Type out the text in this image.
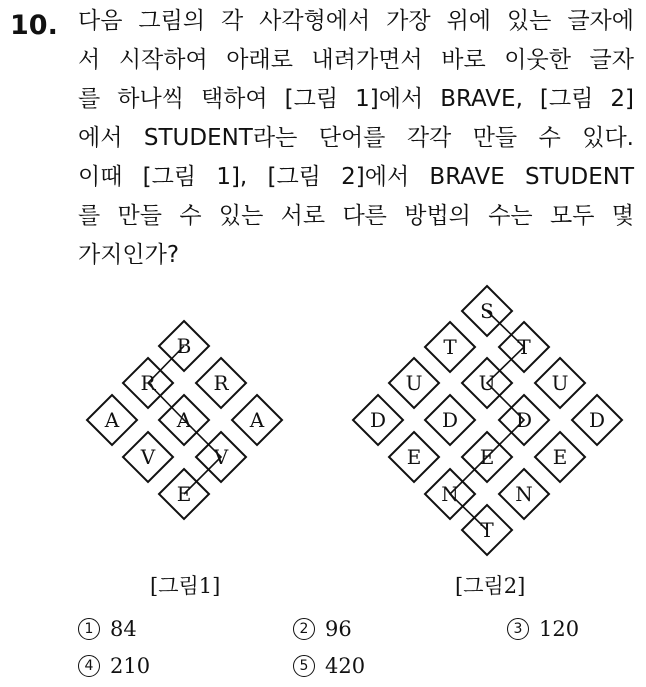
10. 다음 그림의 각 사각형에서 가장 위에 있는 글자에
서 시작하여 아래로 내려가면서 바로 이웃한 글자
를 하나씩 택하여 [그림 1]에서 BRAVE, [그림 2]
에서 STUDENT라는 단어를 각각 만들 수 있다.
이때 [그림 1], [그림 2]에서 BRAVE STUDENT
를 만들 수 있는 서로 다른 방법의 수는 모두 몇
가지인가?
B
R	R
A	A	A
V	V
E
S
T	T
U	U	U
D	D	D	D
E	E	E
N	N
T
[그림1]	[그림2]
1 84	2 96	3 120
4 210	5 420
